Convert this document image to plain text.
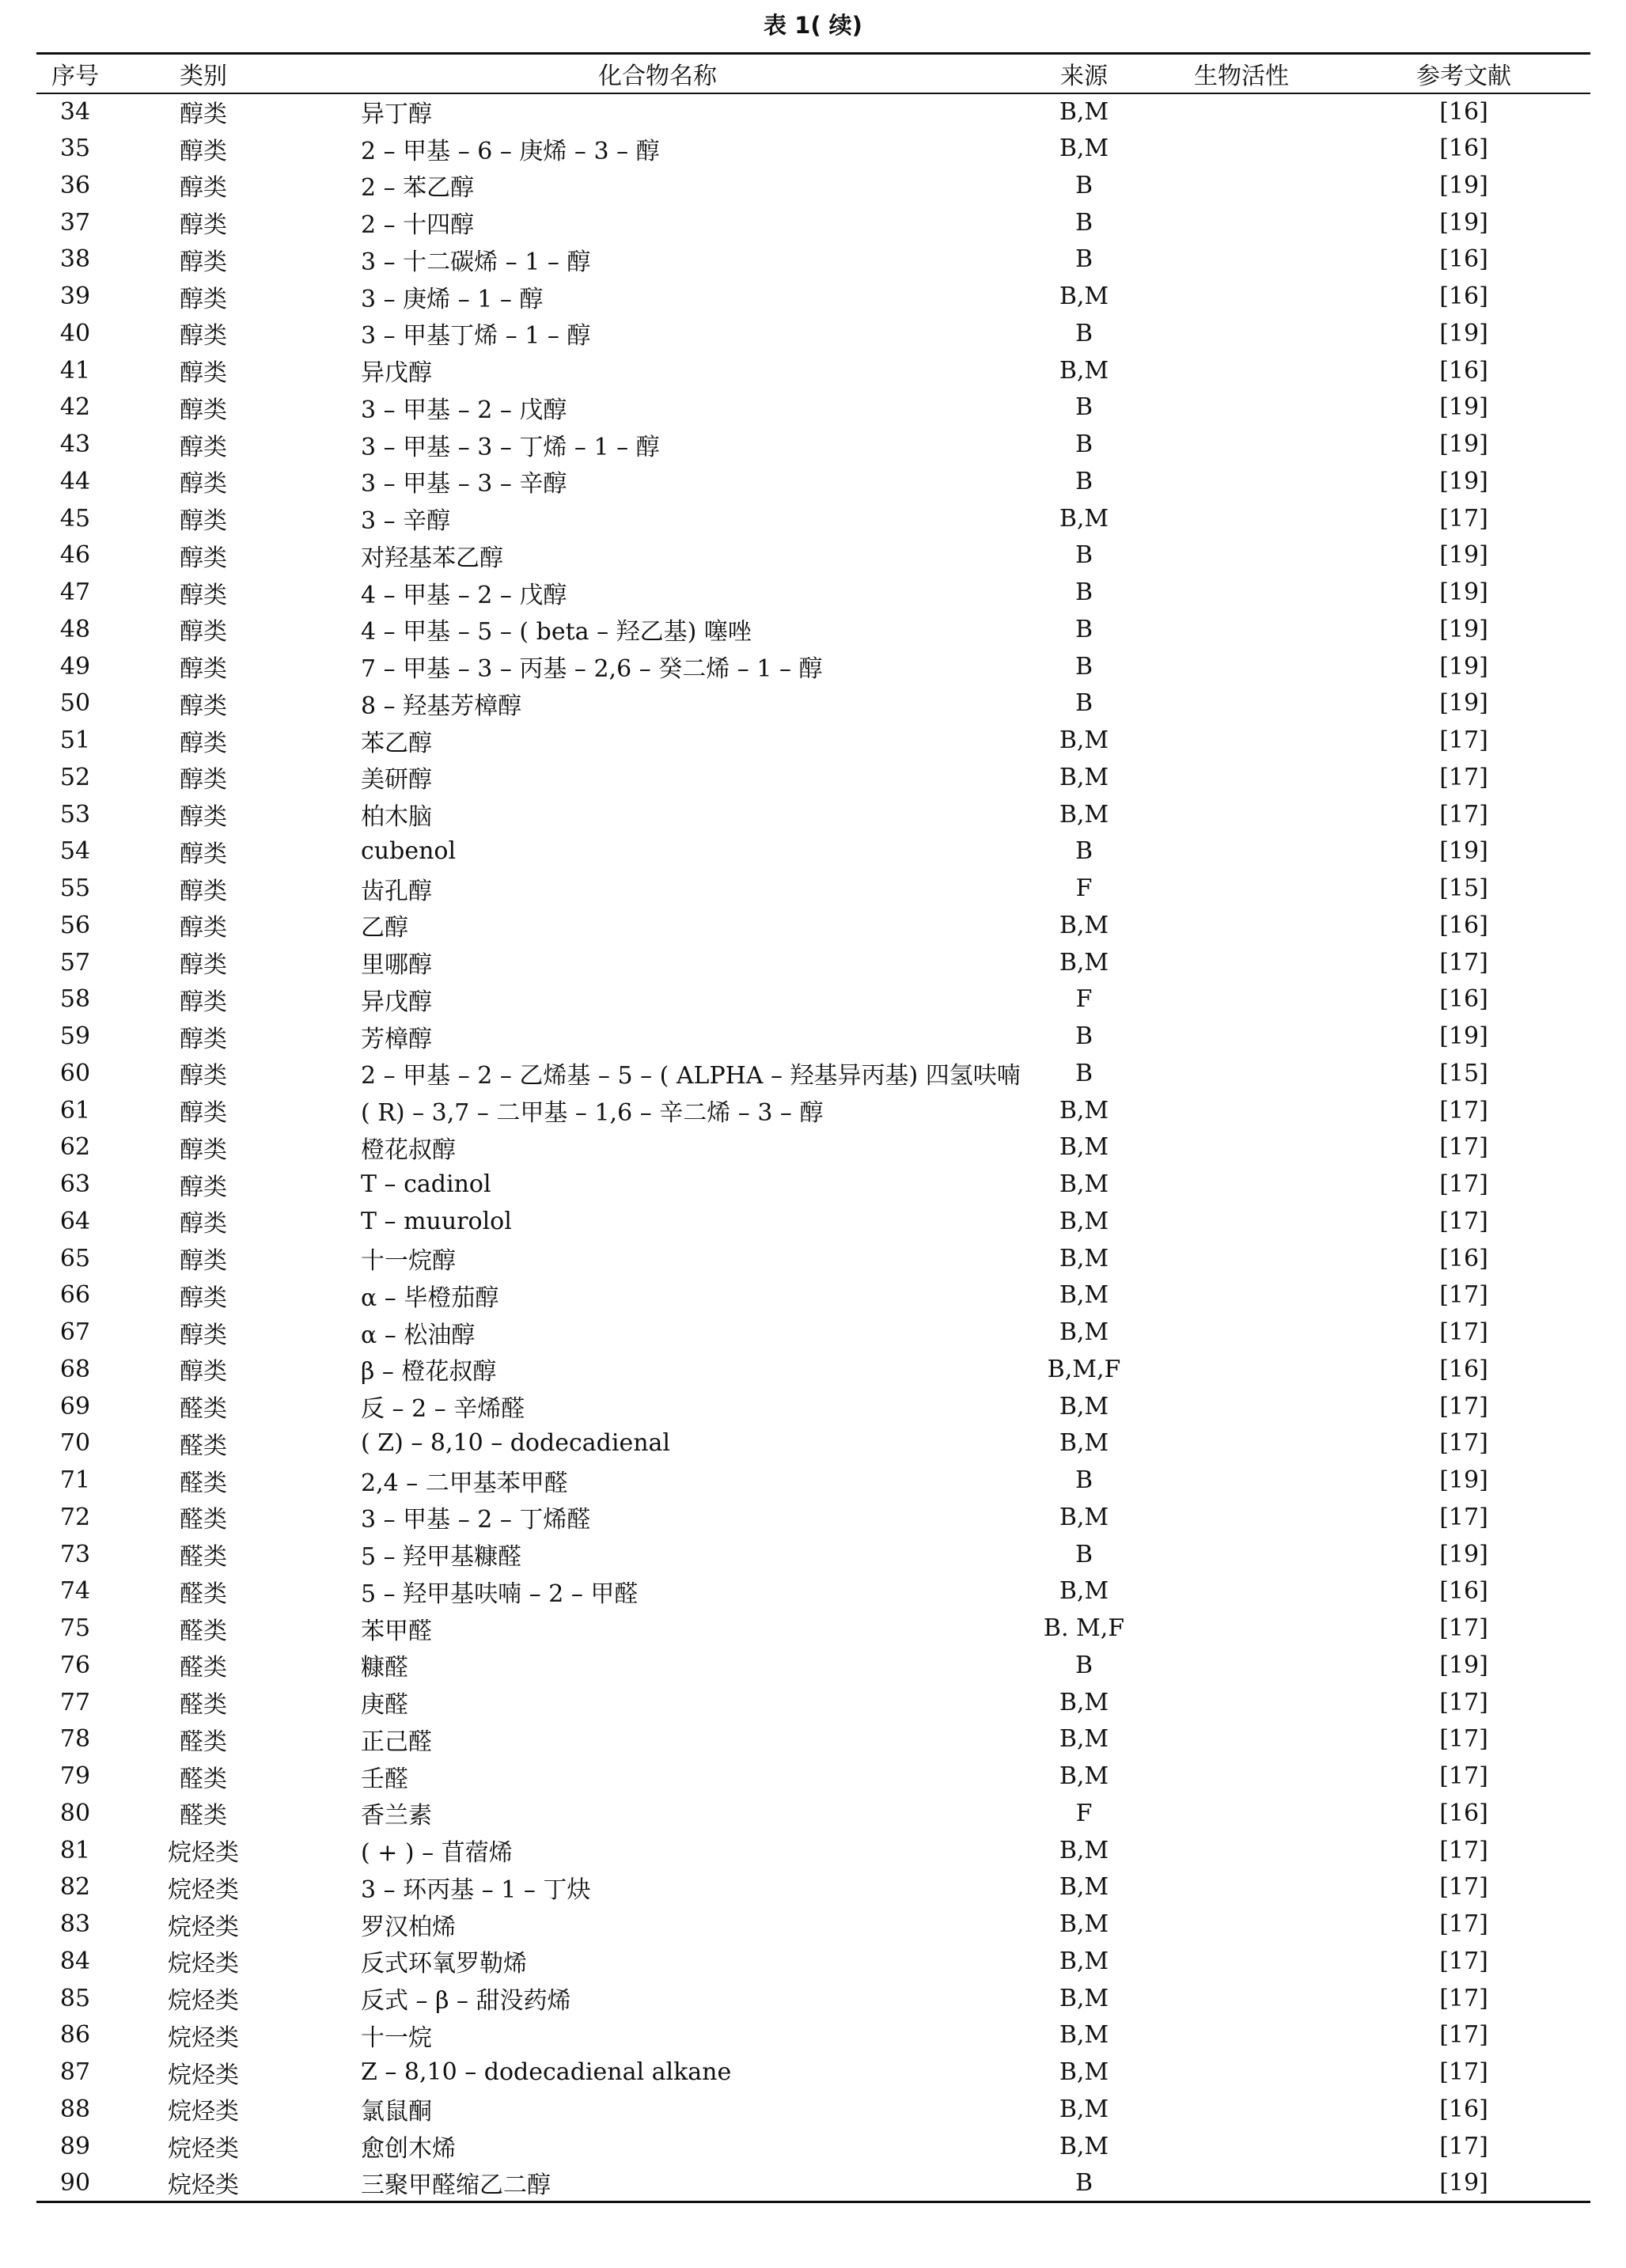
表 1( 续)
序号	类别	化合物名称	来源	生物活性	参考文献
34	醇类	异丁醇	B,M		[16]
35	醇类	2 – 甲基 – 6 – 庚烯 – 3 – 醇	B,M		[16]
36	醇类	2 – 苯乙醇	B		[19]
37	醇类	2 – 十四醇	B		[19]
38	醇类	3 – 十二碳烯 – 1 – 醇	B		[16]
39	醇类	3 – 庚烯 – 1 – 醇	B,M		[16]
40	醇类	3 – 甲基丁烯 – 1 – 醇	B		[19]
41	醇类	异戊醇	B,M		[16]
42	醇类	3 – 甲基 – 2 – 戊醇	B		[19]
43	醇类	3 – 甲基 – 3 – 丁烯 – 1 – 醇	B		[19]
44	醇类	3 – 甲基 – 3 – 辛醇	B		[19]
45	醇类	3 – 辛醇	B,M		[17]
46	醇类	对羟基苯乙醇	B		[19]
47	醇类	4 – 甲基 – 2 – 戊醇	B		[19]
48	醇类	4 – 甲基 – 5 – ( beta – 羟乙基) 噻唑	B		[19]
49	醇类	7 – 甲基 – 3 – 丙基 – 2,6 – 癸二烯 – 1 – 醇	B		[19]
50	醇类	8 – 羟基芳樟醇	B		[19]
51	醇类	苯乙醇	B,M		[17]
52	醇类	美研醇	B,M		[17]
53	醇类	柏木脑	B,M		[17]
54	醇类	cubenol	B		[19]
55	醇类	齿孔醇	F		[15]
56	醇类	乙醇	B,M		[16]
57	醇类	里哪醇	B,M		[17]
58	醇类	异戊醇	F		[16]
59	醇类	芳樟醇	B		[19]
60	醇类	2 – 甲基 – 2 – 乙烯基 – 5 – ( ALPHA – 羟基异丙基) 四氢呋喃	B		[15]
61	醇类	( R) – 3,7 – 二甲基 – 1,6 – 辛二烯 – 3 – 醇	B,M		[17]
62	醇类	橙花叔醇	B,M		[17]
63	醇类	T – cadinol	B,M		[17]
64	醇类	T – muurolol	B,M		[17]
65	醇类	十一烷醇	B,M		[16]
66	醇类	α – 毕橙茄醇	B,M		[17]
67	醇类	α – 松油醇	B,M		[17]
68	醇类	β – 橙花叔醇	B,M,F		[16]
69	醛类	反 – 2 – 辛烯醛	B,M		[17]
70	醛类	( Z) – 8,10 – dodecadienal	B,M		[17]
71	醛类	2,4 – 二甲基苯甲醛	B		[19]
72	醛类	3 – 甲基 – 2 – 丁烯醛	B,M		[17]
73	醛类	5 – 羟甲基糠醛	B		[19]
74	醛类	5 – 羟甲基呋喃 – 2 – 甲醛	B,M		[16]
75	醛类	苯甲醛	B. M,F		[17]
76	醛类	糠醛	B		[19]
77	醛类	庚醛	B,M		[17]
78	醛类	正己醛	B,M		[17]
79	醛类	壬醛	B,M		[17]
80	醛类	香兰素	F		[16]
81	烷烃类	( + ) – 苜蓿烯	B,M		[17]
82	烷烃类	3 – 环丙基 – 1 – 丁炔	B,M		[17]
83	烷烃类	罗汉柏烯	B,M		[17]
84	烷烃类	反式环氧罗勒烯	B,M		[17]
85	烷烃类	反式 – β – 甜没药烯	B,M		[17]
86	烷烃类	十一烷	B,M		[17]
87	烷烃类	Z – 8,10 – dodecadienal alkane	B,M		[17]
88	烷烃类	氯鼠酮	B,M		[16]
89	烷烃类	愈创木烯	B,M		[17]
90	烷烃类	三聚甲醛缩乙二醇	B		[19]
